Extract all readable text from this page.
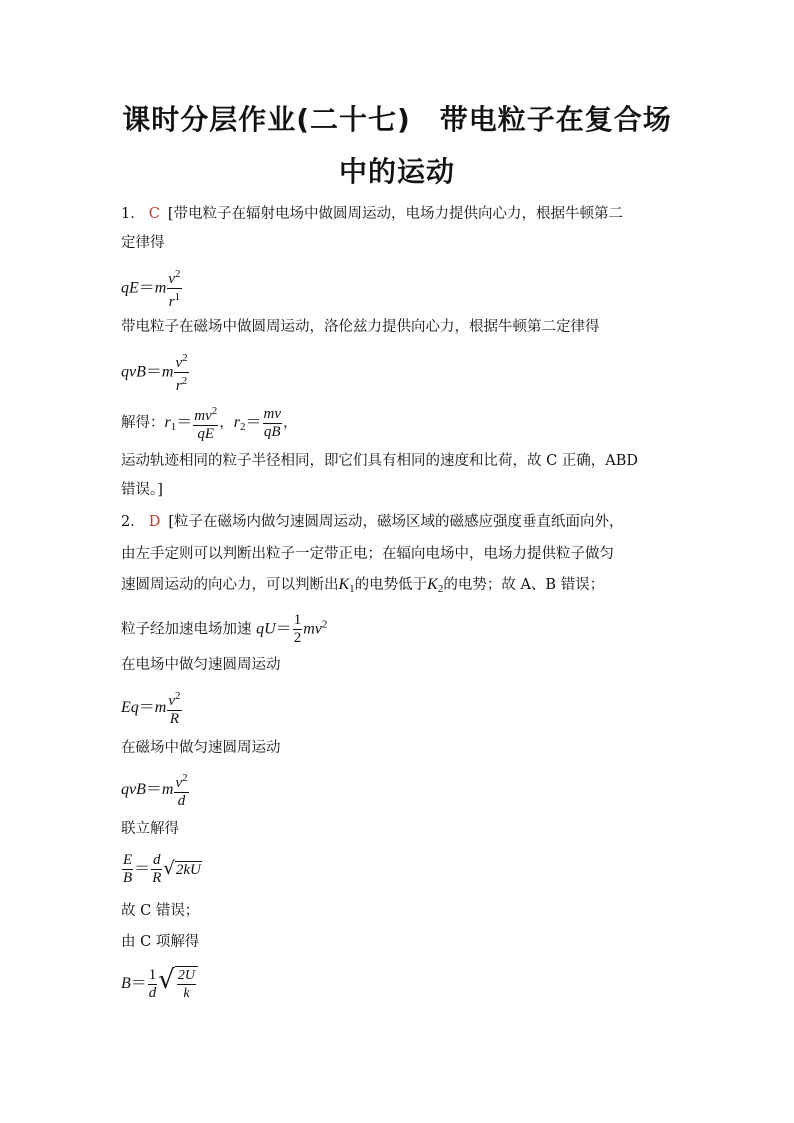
课时分层作业(二十七)　带电粒子在复合场
中的运动
1． C [带电粒子在辐射电场中做圆周运动，电场力提供向心力，根据牛顿第二
定律得
$qE=m \frac{v^2}{r^1}$
带电粒子在磁场中做圆周运动，洛伦兹力提供向心力，根据牛顿第二定律得
$qvB=m \frac{v^2}{r^2}$
解得：$r_1= \frac{mv^2}{qE}$ ，$r_2= \frac{mv}{qB}$ ，
运动轨迹相同的粒子半径相同，即它们具有相同的速度和比荷，故 C 正确，ABD
错误。]
2． D [粒子在磁场内做匀速圆周运动，磁场区域的磁感应强度垂直纸面向外，
由左手定则可以判断出粒子一定带正电；在辐向电场中，电场力提供粒子做匀
速圆周运动的向心力，可以判断出$K_1$的电势低于$K_2$的电势；故 A、B 错误；
粒子经加速电场加速 $qU= \frac{1}{2} mv^2$
在电场中做匀速圆周运动
$Eq=m \frac{v^2}{R}$
在磁场中做匀速圆周运动
$qvB=m \frac{v^2}{d}$
联立解得
$\frac{E}{B} = \frac{d}{R} √2kU$
故 C 错误；
由 C 项解得
$B= \frac{1}{d}$ √ $\frac{2U}{k}$
